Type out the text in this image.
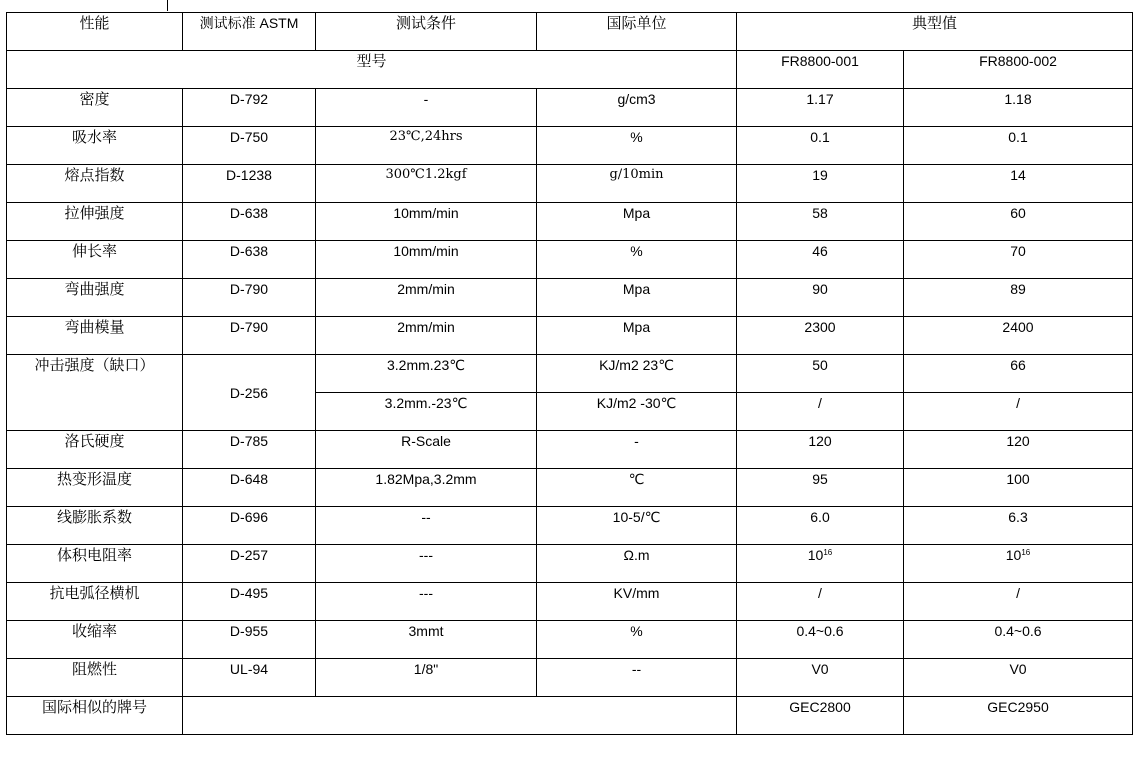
性能	测试标准 ASTM	测试条件	国际单位	典型值	
型号				FR8800-001	FR8800-002
密度	D-792	-	g/cm3	1.17	1.18
吸水率	D-750	23℃,24hrs	%	0.1	0.1
熔点指数	D-1238	300℃1.2kgf	g/10min	19	14
拉伸强度	D-638	10mm/min	Mpa	58	60
伸长率	D-638	10mm/min	%	46	70
弯曲强度	D-790	2mm/min	Mpa	90	89
弯曲模量	D-790	2mm/min	Mpa	2300	2400
冲击强度（缺口）	D-256	3.2mm.23℃	KJ/m2 23℃	50	66
		3.2mm.-23℃	KJ/m2 -30℃	/	/
洛氏硬度	D-785	R-Scale	-	120	120
热变形温度	D-648	1.82Mpa,3.2mm	℃	95	100
线膨胀系数	D-696	--	10-5/℃	6.0	6.3
体积电阻率	D-257	---	Ω.m	$10^{16}$	$10^{16}$
抗电弧径横机	D-495	---	KV/mm	/	/
收缩率	D-955	3mmt	%	0.4~0.6	0.4~0.6
阻燃性	UL-94	1/8"	--	V0	V0
国际相似的牌号				GEC2800	GEC2950
